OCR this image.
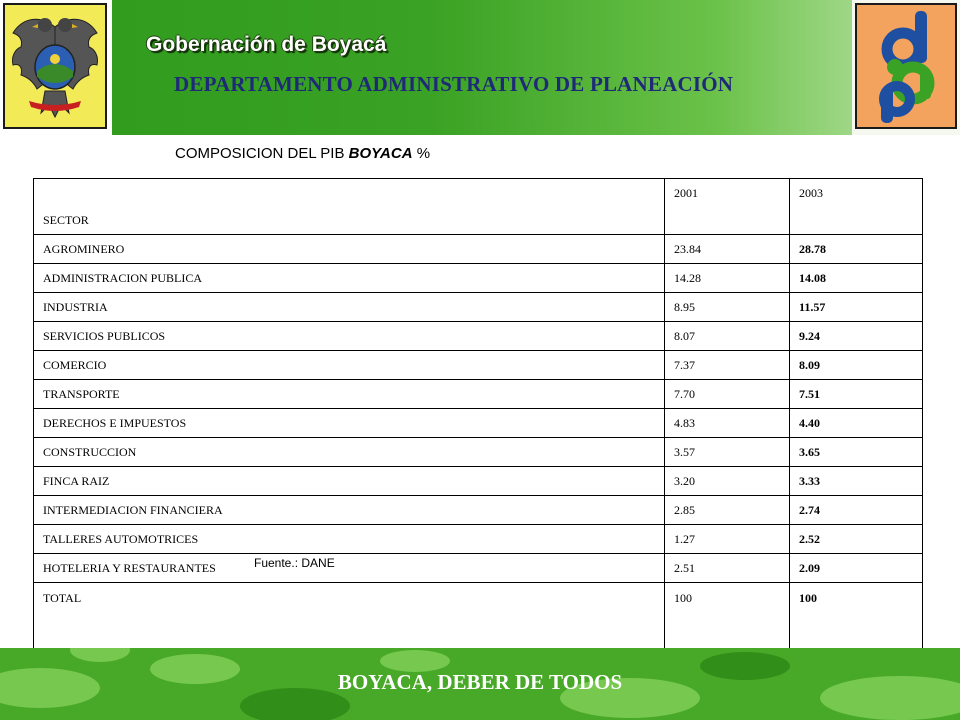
Gobernación de Boyacá
DEPARTAMENTO ADMINISTRATIVO DE PLANEACIÓN
COMPOSICION DEL PIB BOYACA %
SECTOR	2001	2003
AGROMINERO	23.84	28.78
ADMINISTRACION PUBLICA	14.28	14.08
INDUSTRIA	8.95	11.57
SERVICIOS PUBLICOS	8.07	9.24
COMERCIO	7.37	8.09
TRANSPORTE	7.70	7.51
DERECHOS E IMPUESTOS	4.83	4.40
CONSTRUCCION	3.57	3.65
FINCA RAIZ	3.20	3.33
INTERMEDIACION FINANCIERA	2.85	2.74
TALLERES AUTOMOTRICES	1.27	2.52
HOTELERIA Y RESTAURANTES	2.51	2.09
TOTAL	100	100
Fuente.: DANE
BOYACA, DEBER DE TODOS
